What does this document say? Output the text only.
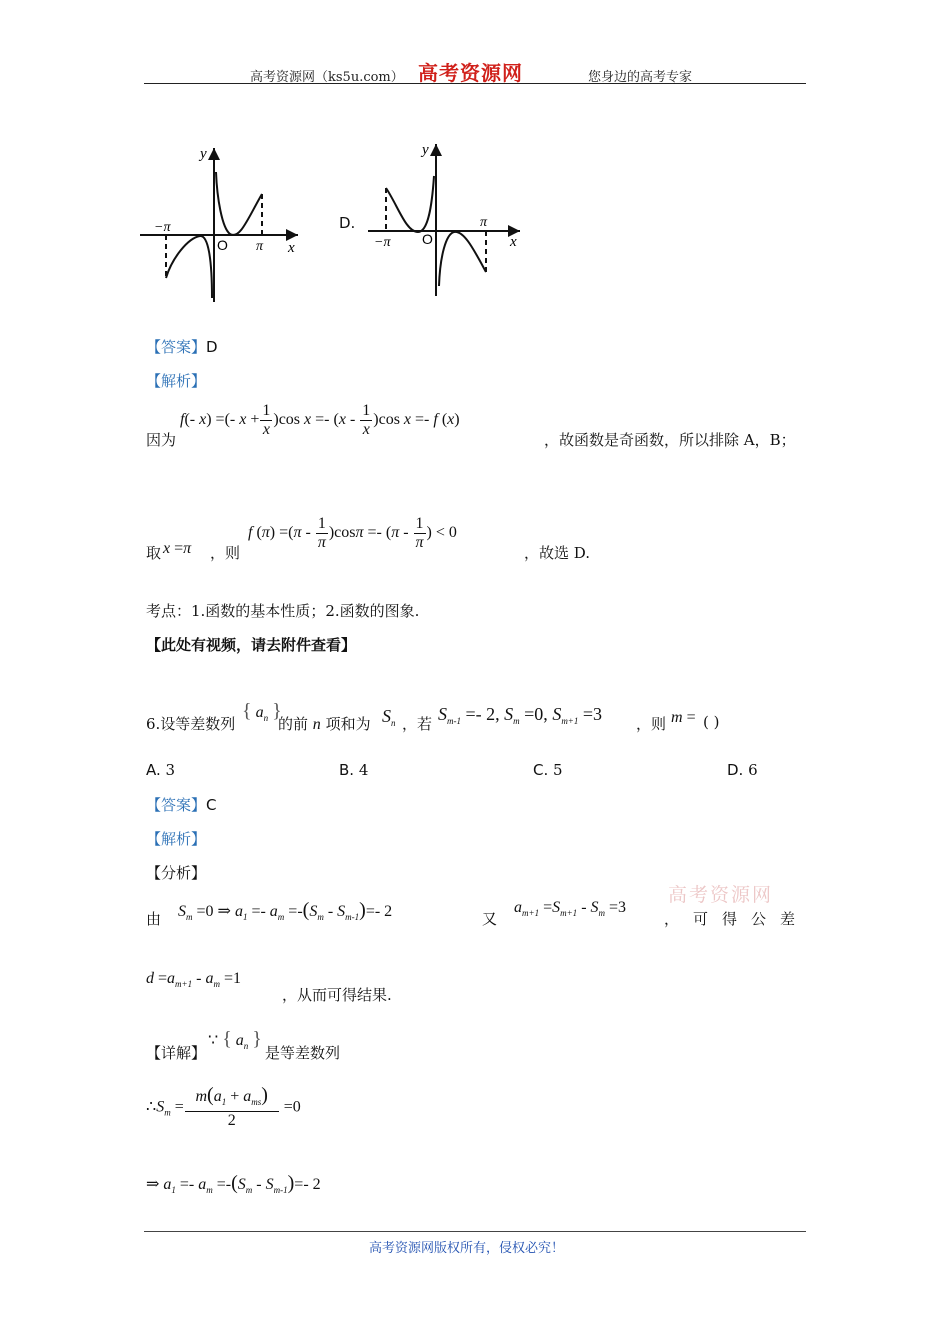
高考资源网（ks5u.com） 高考资源网	您身边的高考专家
y
−π
O π x
D.
y
−π O
π
x
【答案】D
【解析】
因为
f(- x) =(- $x + \frac{1}{x} )\cos$ $x =- (x - \frac{1}{x} )\cos$ x =- f (x)
，故函数是奇函数，所以排除 A，B；
取 x =π ，则
f $(\pi) =(\pi - \frac{1}{\pi} )\cos\pi =- (\pi - \frac{1}{\pi}$ ) < 0
，故选 D.
考点：1.函数的基本性质；2.函数的图象.
【此处有视频，请去附件查看】
6.设等差数列
{ $a_n$ }
的前 n 项和为 $S_n$ ，若 $S_{m-1} =- 2$, $S_m =0$, $S_{m+1} =3$ ，则 m = ( )
A. 3	B. 4	C. 5	D. 6
【答案】C
【解析】
【分析】
由 $S_m =0$ ⇒ $a_1 =- a_m =-(S_m - S_{m-1})=-$ 2	又
$a_{m+1} =S_{m+1} - S_m =3$
高考资源网
，可得公差
$d =a_{m+1} - a_m =1$
，从而可得结果.
【详解】
∵ { $a_n$ }
是等差数列
$\therefore S_m = \frac{m(a_1 + a_{ms})}{2} =0$
⇒ $a_1 =- a_m =-(S_m - S_{m-1})=-$ 2
高考资源网版权所有，侵权必究！
